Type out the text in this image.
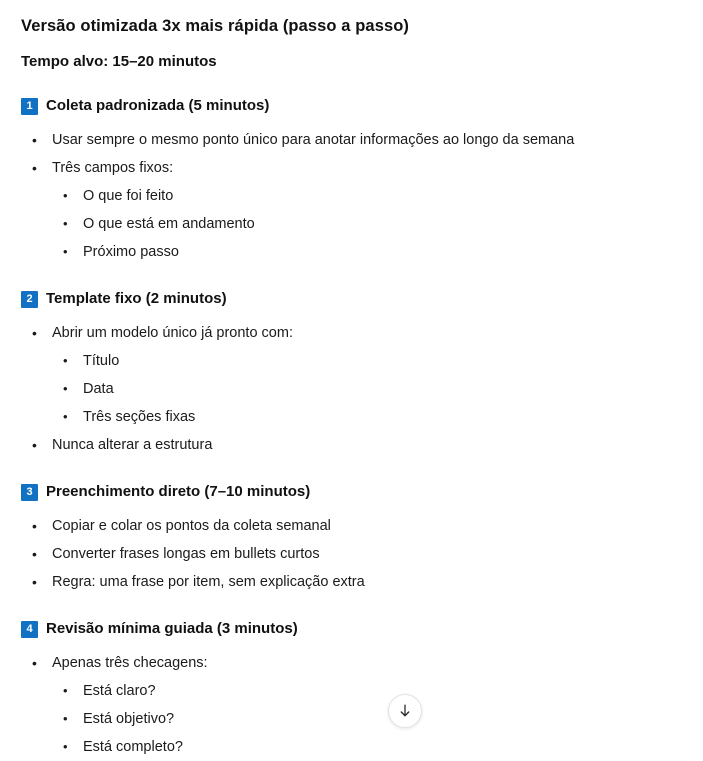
Versão otimizada 3x mais rápida (passo a passo)
Tempo alvo: 15–20 minutos
1 Coleta padronizada (5 minutos)
•
Usar sempre o mesmo ponto único para anotar informações ao longo da semana
•
Três campos fixos:
•
O que foi feito
•
O que está em andamento
•
Próximo passo
2 Template fixo (2 minutos)
•
Abrir um modelo único já pronto com:
•
Título
•
Data
•
Três seções fixas
•
Nunca alterar a estrutura
3 Preenchimento direto (7–10 minutos)
•
Copiar e colar os pontos da coleta semanal
•
Converter frases longas em bullets curtos
•
Regra: uma frase por item, sem explicação extra
4 Revisão mínima guiada (3 minutos)
•
Apenas três checagens:
•
Está claro?
•
Está objetivo?
•
Está completo?
